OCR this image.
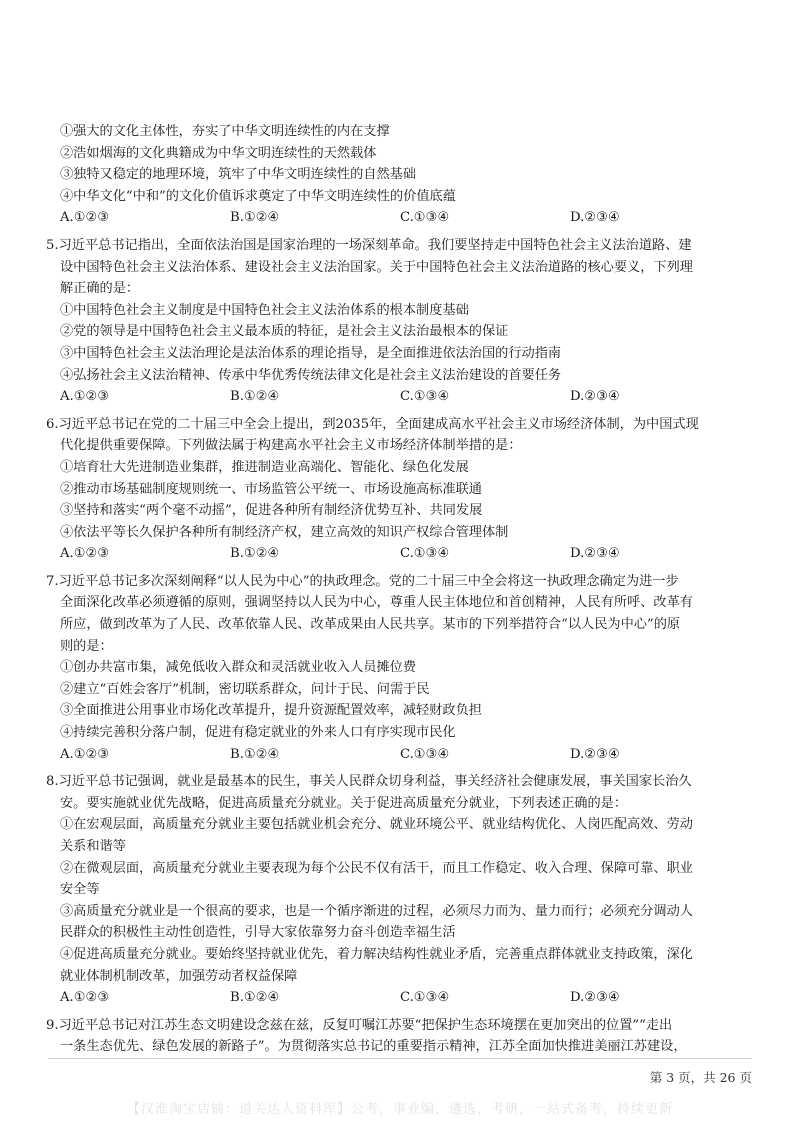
①强大的文化主体性，夯实了中华文明连续性的内在支撑
②浩如烟海的文化典籍成为中华文明连续性的天然载体
③独特又稳定的地理环境，筑牢了中华文明连续性的自然基础
④中华文化“中和”的文化价值诉求奠定了中华文明连续性的价值底蕴
A.①②③	B.①②④	C.①③④	D.②③④
5.习近平总书记指出，全面依法治国是国家治理的一场深刻革命。我们要坚持走中国特色社会主义法治道路、建
设中国特色社会主义法治体系、建设社会主义法治国家。关于中国特色社会主义法治道路的核心要义，下列理
解正确的是：
①中国特色社会主义制度是中国特色社会主义法治体系的根本制度基础
②党的领导是中国特色社会主义最本质的特征，是社会主义法治最根本的保证
③中国特色社会主义法治理论是法治体系的理论指导，是全面推进依法治国的行动指南
④弘扬社会主义法治精神、传承中华优秀传统法律文化是社会主义法治建设的首要任务
A.①②③	B.①②④	C.①③④	D.②③④
6.习近平总书记在党的二十届三中全会上提出，到2035年，全面建成高水平社会主义市场经济体制，为中国式现
代化提供重要保障。下列做法属于构建高水平社会主义市场经济体制举措的是：
①培育壮大先进制造业集群，推进制造业高端化、智能化、绿色化发展
②推动市场基础制度规则统一、市场监管公平统一、市场设施高标准联通
③坚持和落实“两个毫不动摇”，促进各种所有制经济优势互补、共同发展
④依法平等长久保护各种所有制经济产权，建立高效的知识产权综合管理体制
A.①②③	B.①②④	C.①③④	D.②③④
7.习近平总书记多次深刻阐释“以人民为中心”的执政理念。党的二十届三中全会将这一执政理念确定为进一步
全面深化改革必须遵循的原则，强调坚持以人民为中心，尊重人民主体地位和首创精神，人民有所呼、改革有
所应，做到改革为了人民、改革依靠人民、改革成果由人民共享。某市的下列举措符合“以人民为中心”的原
则的是：
①创办共富市集，减免低收入群众和灵活就业收入人员摊位费
②建立“百姓会客厅”机制，密切联系群众，问计于民、问需于民
③全面推进公用事业市场化改革提升，提升资源配置效率，减轻财政负担
④持续完善积分落户制，促进有稳定就业的外来人口有序实现市民化
A.①②③	B.①②④	C.①③④	D.②③④
8.习近平总书记强调，就业是最基本的民生，事关人民群众切身利益，事关经济社会健康发展，事关国家长治久
安。要实施就业优先战略，促进高质量充分就业。关于促进高质量充分就业，下列表述正确的是：
①在宏观层面，高质量充分就业主要包括就业机会充分、就业环境公平、就业结构优化、人岗匹配高效、劳动
关系和谐等
②在微观层面，高质量充分就业主要表现为每个公民不仅有活干，而且工作稳定、收入合理、保障可靠、职业
安全等
③高质量充分就业是一个很高的要求，也是一个循序渐进的过程，必须尽力而为、量力而行；必须充分调动人
民群众的积极性主动性创造性，引导大家依靠努力奋斗创造幸福生活
④促进高质量充分就业。要始终坚持就业优先，着力解决结构性就业矛盾，完善重点群体就业支持政策，深化
就业体制机制改革，加强劳动者权益保障
A.①②③	B.①②④	C.①③④	D.②③④
9.习近平总书记对江苏生态文明建设念兹在兹，反复叮嘱江苏要“把保护生态环境摆在更加突出的位置”“走出
一条生态优先、绿色发展的新路子”。为贯彻落实总书记的重要指示精神，江苏全面加快推进美丽江苏建设，
第 3 页，共 26 页
【汉淮淘宝店铺：道关达人资料库】公考，事业编，遴选，考研，一站式备考，持续更新
